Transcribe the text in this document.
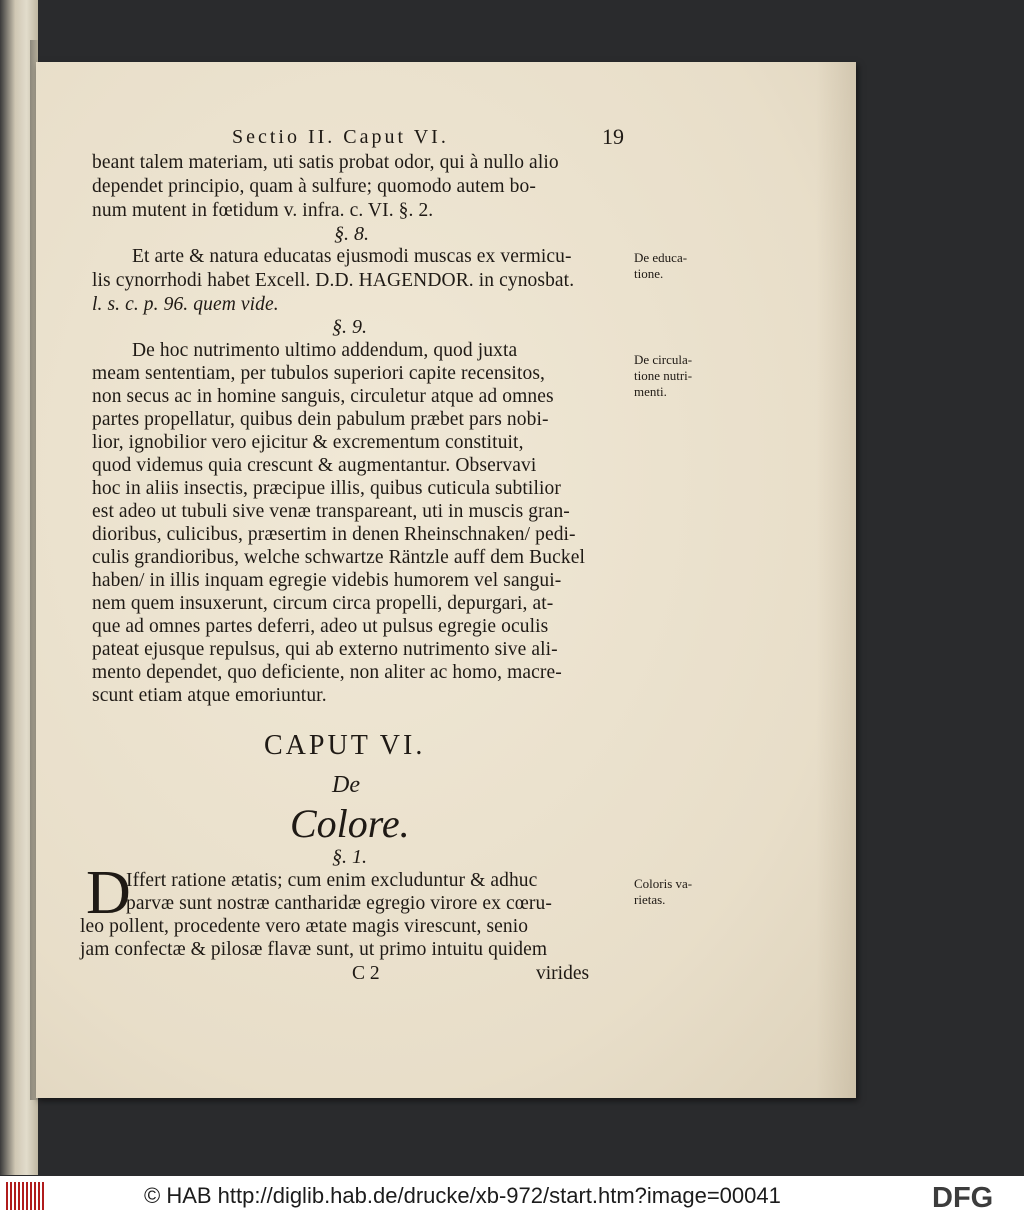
Sectio II. Caput VI.	19
beant talem materiam, uti satis probat odor, qui à nullo alio
dependet principio, quam à sulfure; quomodo autem bo-
num mutent in fœtidum v. infra. c. VI. §. 2.
§. 8.
Et arte & natura educatas ejusmodi muscas ex vermicu-
lis cynorrhodi habet Excell. D.D. HAGENDOR. in cynosbat.
l. s. c. p. 96. quem vide.
De educa-
tione.
§. 9.
De hoc nutrimento ultimo addendum, quod juxta
meam sententiam, per tubulos superiori capite recensitos,
non secus ac in homine sanguis, circuletur atque ad omnes
partes propellatur, quibus dein pabulum præbet pars nobi-
lior, ignobilior vero ejicitur & excrementum constituit,
quod videmus quia crescunt & augmentantur. Observavi
hoc in aliis insectis, præcipue illis, quibus cuticula subtilior
est adeo ut tubuli sive venæ transpareant, uti in muscis gran-
dioribus, culicibus, præsertim in denen Rheinschnaken/ pedi-
culis grandioribus, welche schwartze Räntzle auff dem Buckel
haben/ in illis inquam egregie videbis humorem vel sangui-
nem quem insuxerunt, circum circa propelli, depurgari, at-
que ad omnes partes deferri, adeo ut pulsus egregie oculis
pateat ejusque repulsus, qui ab externo nutrimento sive ali-
mento dependet, quo deficiente, non aliter ac homo, macre-
scunt etiam atque emoriuntur.
De circula-
tione nutri-
menti.
CAPUT VI.
De
Colore.
§. 1.
D
Iffert ratione ætatis; cum enim excluduntur & adhuc
parvæ sunt nostræ cantharidæ egregio virore ex cœru-
leo pollent, procedente vero ætate magis virescunt, senio
jam confectæ & pilosæ flavæ sunt, ut primo intuitu quidem
Coloris va-
rietas.
C 2	virides
© HAB http://diglib.hab.de/drucke/xb-972/start.htm?image=00041	DFG
